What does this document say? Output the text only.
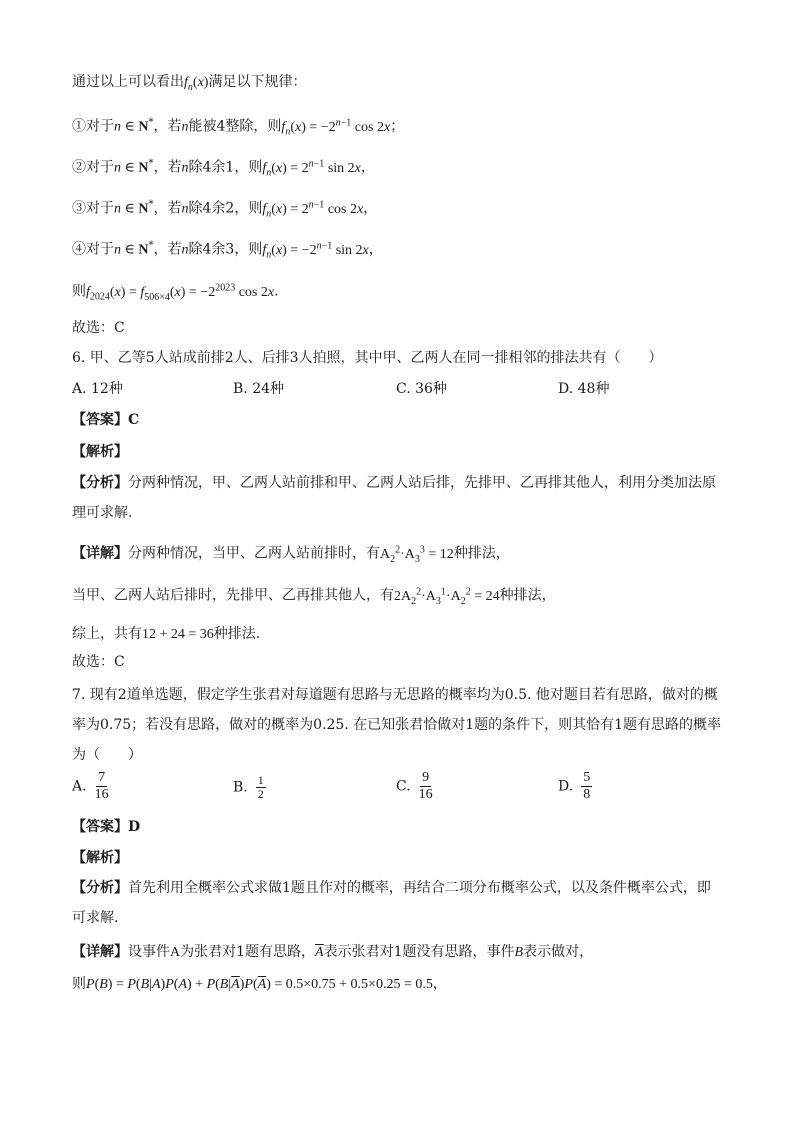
通过以上可以看出$f_n(x)$满足以下规律：
①对于n ∈ N*，若n能被4整除，则$f_n(x) = -2^{n-1}$ cos 2x；
②对于n ∈ N*，若n除4余1，则$f_n(x) = 2^{n-1}$ sin 2x，
③对于n ∈ N*，若n除4余2，则$f_n(x) = 2^{n-1}$ cos 2x，
④对于n ∈ N*，若n除4余3，则$f_n(x) = -2^{n-1}$ sin 2x，
则$f_{2024}(x) = f_{506\times 4}(x) = -2^{2023}$ cos 2x.
故选：C
6. 甲、乙等5人站成前排2人、后排3人拍照，其中甲、乙两人在同一排相邻的排法共有（　　）
A. 12种	B. 24种	C. 36种	D. 48种
【答案】C
【解析】
【分析】分两种情况，甲、乙两人站前排和甲、乙两人站后排，先排甲、乙再排其他人，利用分类加法原理可求解.
【详解】分两种情况，当甲、乙两人站前排时，有$A_2^2\cdot A_3^3 = 12$种排法，
当甲、乙两人站后排时，先排甲、乙再排其他人，有$2A_2^2\cdot A_3^1\cdot A_2^2 = 24$种排法，
综上，共有12 + 24 = 36种排法.
故选：C
7. 现有2道单选题，假定学生张君对每道题有思路与无思路的概率均为0.5. 他对题目若有思路，做对的概率为0.75；若没有思路，做对的概率为0.25. 在已知张君恰做对1题的条件下，则其恰有1题有思路的概率为（　　）
A. $\frac{7}{16}$	B. $\frac{1}{2}$	C. $\frac{9}{16}$	D. $\frac{5}{8}$
【答案】D
【解析】
【分析】首先利用全概率公式求做1题且作对的概率，再结合二项分布概率公式，以及条件概率公式，即可求解.
【详解】设事件A为张君对1题有思路，$\overline{A}$表示张君对1题没有思路，事件B表示做对，
则$P(B) = P(B|A)P(A) + P(B|\overline{A})P(\overline{A}) = 0.5\times 0.75 + 0.5\times 0.25 = 0.5$，
